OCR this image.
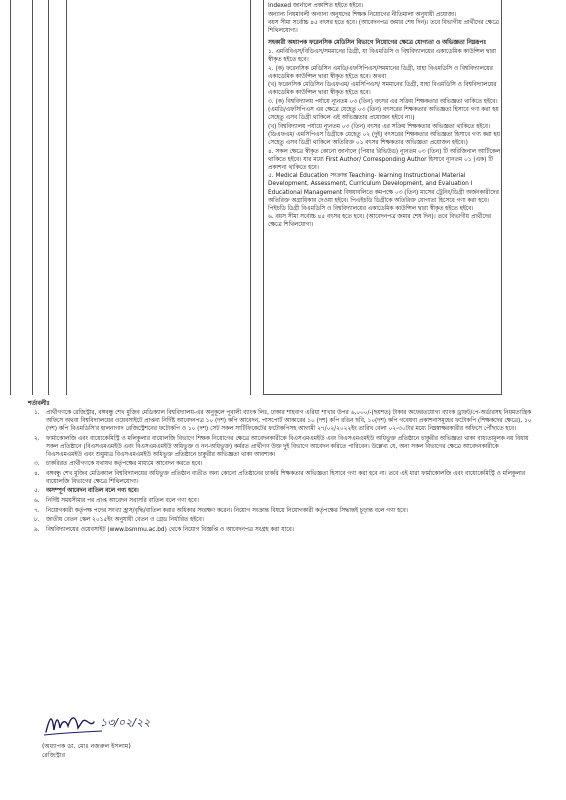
Indexed জার্নালে প্রকাশিত হইতে হইবে।

অন্যান্য নিয়মাবলী অন্যান্য অনুষদের শিক্ষক নিয়োগের নীতিমালা অনুযায়ী প্রযোজ্য।

বয়স সীমা সর্বোচ্চ ৪৫ বৎসর হতে হবে। (আবেদনপত্র জমার শেষ দিন)। তবে বিভাগীয় প্রার্থীদের ক্ষেত্রে শিথিলযোগ্য।

সহকারী অধ্যাপক ফরেনসিক মেডিসিন বিভাগে নিয়োগের ক্ষেত্রে যোগ্যতা ও অভিজ্ঞতা নিম্নরূপঃ

১. এমবিবিএস/বিডিএস/সমমানের ডিগ্রী, যা বিএমডিসি ও বিশ্ববিদ্যালয়ের একাডেমিক কাউন্সিল দ্বারা স্বীকৃত হইতে হবে।

২. (ক) ফরেনসিক মেডিসিন এমডি/এফসিপিএস/সমমানের ডিগ্রী, যাহা বিএমডিসি ও বিশ্ববিদ্যালয়ের একাডেমিক কাউন্সিল দ্বারা স্বীকৃত হইতে হবে। অথবা

(খ) ফরেনসিক মেডিসিন ডিএফএম/ এমসিপিএস/ সমমানের ডিগ্রী, যাহা বিএমডিসি ও বিশ্ববিদ্যালয়ের একাডেমিক কাউন্সিল দ্বারা স্বীকৃত হইতে হবে।

৩. (ক) বিশ্ববিদ্যালয় পর্যায়ে ন্যূনতম ০৩ (তিন) বৎসর এর সক্রিয় শিক্ষকতার অভিজ্ঞতা থাকিতে হইবে। (এমডি/এফসিপিএস এর ক্ষেত্রে যেহেতু ০৩ (তিন) বৎসরের শিক্ষকতার অভিজ্ঞতা হিসাবে গণ্য করা হয় সেহেতু এসব ডিগ্রী থাকিলে এই অভিজ্ঞতার প্রয়োজন হইবে না।)

(খ) বিশ্ববিদ্যালয় পর্যায়ে ন্যূনতম ০৩ (তিন) বৎসর এর সক্রিয় শিক্ষকতার অভিজ্ঞতা থাকিতে হইবে। (ডিএফএম/ এমসিপিএস ডিগ্রীকে যেহেতু ০২ (দুই) বৎসরের শিক্ষকতার অভিজ্ঞতা হিসাবে গণ্য করা হয় সেহেতু এসব ডিগ্রী থাকিলে অতিরিক্ত ০১ বৎসর শিক্ষকতার অভিজ্ঞতা প্রয়োজন হইবে।)

৪. সকল ক্ষেত্রে স্বীকৃত কোনো জার্নালে (পিয়ার রিভিউড) ন্যূনতম ০৩ (তিন) টি অরিজিনাল আর্টিকেল থাকিতে হইবে। যার মধ্যে First Author/ Corresponding Author হিসাবে ন্যূনতম ০১ (এক) টি প্রকাশনা থাকিতে হবে।

৫. Medical Education সংক্রান্ত Teaching- learning Instructional Material Development, Assessment, Curriculum Development, and Evaluation I Educational Management বিষয়াবলিতে কমপক্ষে ০৩ (তিন) মাসের ট্রেনিং/ডিগ্রী অর্জনকারীদের অতিরিক্ত অগ্রাধিকার দেওয়া হইবে। পিএইচডি ডিগ্রীকে অতিরিক্ত যোগ্যতা হিসেবে গণ্য করা হবে। পিইচডি ডিগ্রী বিএমডিসি ও বিশ্ববিদ্যালয়ের একাডেমিক কাউন্সিল দ্বারা স্বীকৃত হইতে হইবে।

৬. বয়স সীমা সর্বোচ্চ ৪৫ বৎসর হতে হবে। (আবেদনপত্র জমার শেষ দিন)। তবে বিভাগীয় প্রার্থীদের ক্ষেত্রে শিথিলযোগ্য।

শর্তাবলীঃ
১.	প্রার্থীগণকে রেজিস্ট্রার, বঙ্গবন্ধু শেখ মুজিব মেডিক্যাল বিশ্ববিদ্যালয়-এর অনুকূলে পূবালী ব্যাংক লিঃ, ঢাকার শাহবাগ এরিয়া শাখার উপর ৬,০০০/-(ছয়শত) টাকার অফেরতযোগ্য ব্যাংক ড্রাফট/পে-অর্ডারসহ নিয়মতান্ত্রিক অফিসে অথবা বিশ্ববিদ্যালয়ের ওয়েবসাইটে প্রাপ্তব্য নির্দিষ্ট আবেদনপত্র ১০ (দশ) কপি আবেদন, পাসপোর্ট আকারের ১০ (দশ) কপি রঙিন ছবি, ১০(দশ) কপি গবেষণা প্রকাশনাসমূহের ফটোকপি (শিক্ষকদের ক্ষেত্রে), ১০ (দশ) কপি বিএমডিসি'র হালনাগাদ রেজিস্ট্রেশনের ফটোকপি ও ১০ (দশ) সেট সকল সার্টিফিকেটের ফটোকপিসহ আগামী ২৭/০২/২০২২ইং তারিখ বেলা ০২-৩০টার মধ্যে নিম্নস্বাক্ষরকারীর অফিসে পৌঁছাতে হবে।
২.	ফার্মাকোলজি এবং বায়োকেমিস্ট্রি ও মলিকুলার বায়োলজি বিভাগে শিক্ষক নিয়োগের ক্ষেত্রে আবেদনকারীকে বিএসএমএমইউ এবং বিএসএমএমইউ অধিভুক্ত প্রতিষ্ঠানে চাকুরীর অভিজ্ঞতা থাকা বাধ্যতামূলক নয় বিধায় সকল প্রতিষ্ঠানে (বিএসএমএমইউ এবং বিএসএমএমইউ অধিভুক্ত ও নন-অধিভুক্ত) কর্মরত প্রার্থীগণ উক্ত দুই বিভাগে আবেদন করিতে পারিবেন। উল্লেখ্য যে, অন্য সকল বিভাগের ক্ষেত্রে আবেদনকারীকে বিএসএমএমইউ এবং শুধুমাত্র বিএসএমএমইউ অধিভুক্ত প্রতিষ্ঠানে চাকুরীর অভিজ্ঞতা থাকা আবশ্যক।
৩.	চাকরিরত প্রার্থীগণকে যথাযথ কর্তৃপক্ষের মাধ্যমে আবেদন করতে হবে।
৪.	বঙ্গবন্ধু শেখ মুজিব মেডিক্যাল বিশ্ববিদ্যালয়ের অধিভুক্ত প্রতিষ্ঠান ব্যতীত অন্য কোনো প্রতিষ্ঠানের চাকরি শিক্ষকতার অভিজ্ঞতা হিসাবে গণ্য করা হবে না। তবে এই ধারা ফার্মাকোলজি এবং বায়োকেমিস্ট্রি ও মলিকুলার বায়োলজি বিভাগের ক্ষেত্রে শিথিলযোগ্য।
৫.	অসম্পূর্ণ আবেদন বাতিল বলে গণ্য হবে।
৬.	নির্দিষ্ট সময়সীমার পর প্রাপ্ত আবেদন সরাসরি বাতিল বলে গণ্য হবে।
৭.	নিয়োগকারী কর্তৃপক্ষ পদের সংখ্যা হ্রাস/বৃদ্ধি/বাতিল করার অধিকার সংরক্ষণ করেন। নিয়োগ সংক্রান্ত বিষয়ে নিয়োগকারী কর্তৃপক্ষের সিদ্ধান্তই চূড়ান্ত বলে গণ্য হবে।
৮.	জাতীয় বেতন স্কেল ২০১৫ইং অনুযায়ী বেতন ও গ্রেড নির্ধারিত হইবে।
৯.	বিশ্ববিদ্যালয়ের ওয়েবসাইট (www.bsmmu.ac.bd) থেকে নিয়োগ বিজ্ঞপ্তি ও আবেদনপত্র সংগ্রহ করা যাবে।
১৩/০২/২২
(অধ্যাপক ডা. মোঃ নজরুল ইসলাম)
রেজিস্ট্রার
